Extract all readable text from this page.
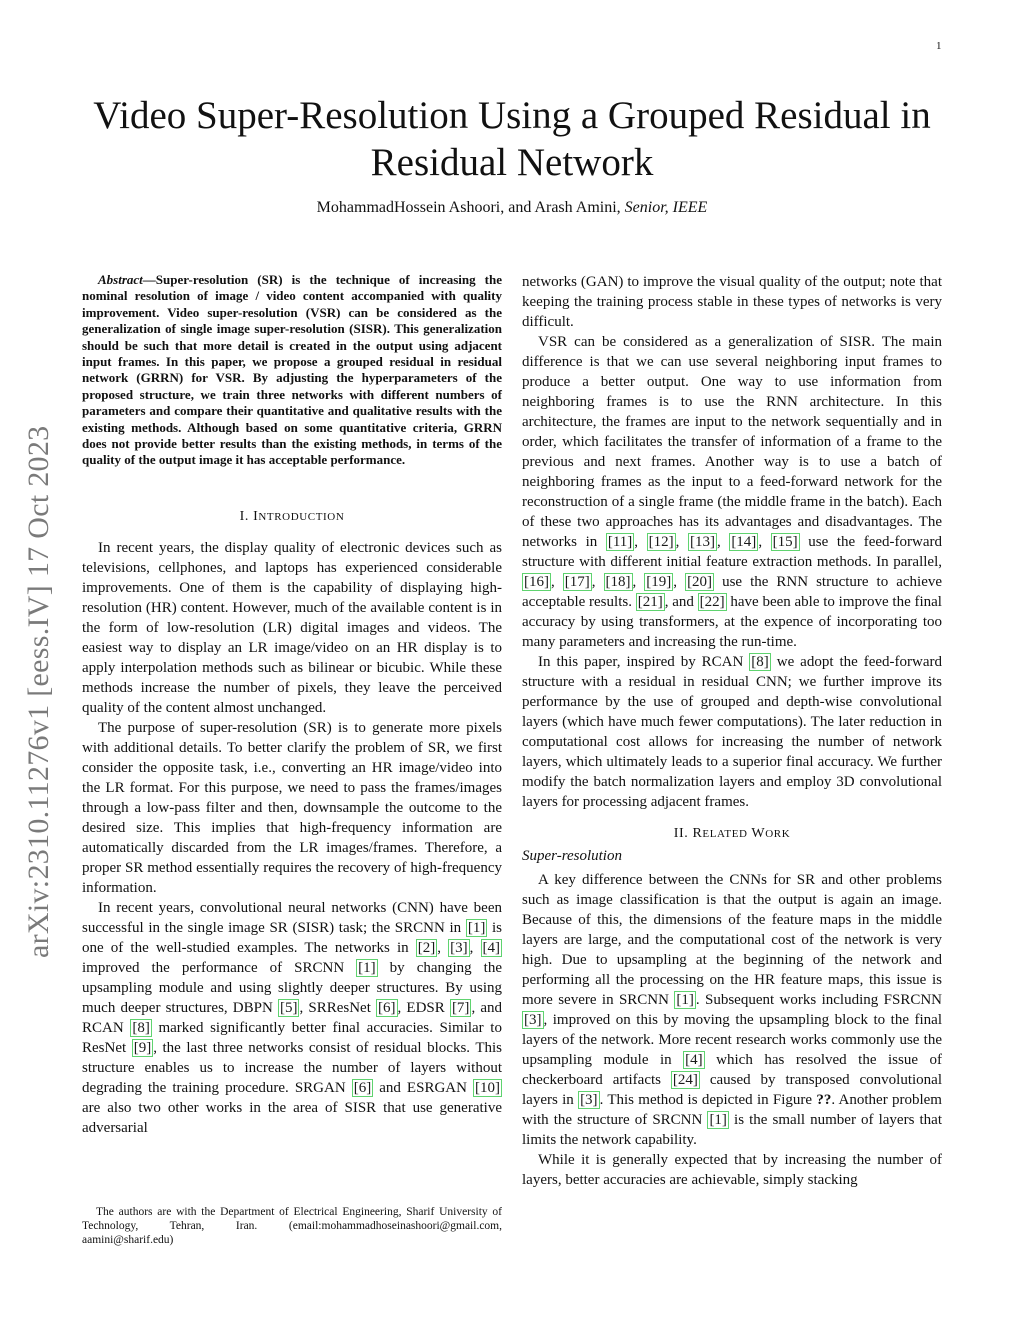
1
arXiv:2310.11276v1 [eess.IV] 17 Oct 2023
Video Super-Resolution Using a Grouped Residual in Residual Network
MohammadHossein Ashoori, and Arash Amini, Senior, IEEE

Abstract—Super-resolution (SR) is the technique of increasing the nominal resolution of image / video content accompanied with quality improvement. Video super-resolution (VSR) can be considered as the generalization of single image super-resolution (SISR). This generalization should be such that more detail is created in the output using adjacent input frames. In this paper, we propose a grouped residual in residual network (GRRN) for VSR. By adjusting the hyperparameters of the proposed structure, we train three networks with different numbers of parameters and compare their quantitative and qualitative results with the existing methods. Although based on some quantitative criteria, GRRN does not provide better results than the existing methods, in terms of the quality of the output image it has acceptable performance.

I. INTRODUCTION

In recent years, the display quality of electronic devices such as televisions, cellphones, and laptops has experienced considerable improvements. One of them is the capability of displaying high-resolution (HR) content. However, much of the available content is in the form of low-resolution (LR) digital images and videos. The easiest way to display an LR image/video on an HR display is to apply interpolation methods such as bilinear or bicubic. While these methods increase the number of pixels, they leave the perceived quality of the content almost unchanged.

The purpose of super-resolution (SR) is to generate more pixels with additional details. To better clarify the problem of SR, we first consider the opposite task, i.e., converting an HR image/video into the LR format. For this purpose, we need to pass the frames/images through a low-pass filter and then, downsample the outcome to the desired size. This implies that high-frequency information are automatically discarded from the LR images/frames. Therefore, a proper SR method essentially requires the recovery of high-frequency information.

In recent years, convolutional neural networks (CNN) have been successful in the single image SR (SISR) task; the SRCNN in [1] is one of the well-studied examples. The networks in [2] , [3] , [4] improved the performance of SRCNN [1] by changing the upsampling module and using slightly deeper structures. By using much deeper structures, DBPN [5] , SRResNet [6] , EDSR [7] , and RCAN [8] marked significantly better final accuracies. Similar to ResNet [9] , the last three networks consist of residual blocks. This structure enables us to increase the number of layers without degrading the training procedure. SRGAN [6] and ESRGAN [10] are also two other works in the area of SISR that use generative adversarial

The authors are with the Department of Electrical Engineering, Sharif University of Technology, Tehran, Iran. (email:mohammadhoseinashoori@gmail.com, aamini@sharif.edu)

networks (GAN) to improve the visual quality of the output; note that keeping the training process stable in these types of networks is very difficult.

VSR can be considered as a generalization of SISR. The main difference is that we can use several neighboring input frames to produce a better output. One way to use information from neighboring frames is to use the RNN architecture. In this architecture, the frames are input to the network sequentially and in order, which facilitates the transfer of information of a frame to the previous and next frames. Another way is to use a batch of neighboring frames as the input to a feed-forward network for the reconstruction of a single frame (the middle frame in the batch). Each of these two approaches has its advantages and disadvantages. The networks in [11] , [12] , [13] , [14] , [15] use the feed-forward structure with different initial feature extraction methods. In parallel, [16] , [17] , [18] , [19] , [20] use the RNN structure to achieve acceptable results. [21] , and [22] have been able to improve the final accuracy by using transformers, at the expence of incorporating too many parameters and increasing the run-time.

In this paper, inspired by RCAN [8] we adopt the feed-forward structure with a residual in residual CNN; we further improve its performance by the use of grouped and depth-wise convolutional layers (which have much fewer computations). The later reduction in computational cost allows for increasing the number of network layers, which ultimately leads to a superior final accuracy. We further modify the batch normalization layers and employ 3D convolutional layers for processing adjacent frames.

II. RELATED WORK

Super-resolution

A key difference between the CNNs for SR and other problems such as image classification is that the output is again an image. Because of this, the dimensions of the feature maps in the middle layers are large, and the computational cost of the network is very high. Due to upsampling at the beginning of the network and performing all the processing on the HR feature maps, this issue is more severe in SRCNN [1] . Subsequent works including FSRCNN [3] , improved on this by moving the upsampling block to the final layers of the network. More recent research works commonly use the upsampling module in [4] which has resolved the issue of checkerboard artifacts [24] caused by transposed convolutional layers in [3] . This method is depicted in Figure ??. Another problem with the structure of SRCNN [1] is the small number of layers that limits the network capability.

While it is generally expected that by increasing the number of layers, better accuracies are achievable, simply stacking
